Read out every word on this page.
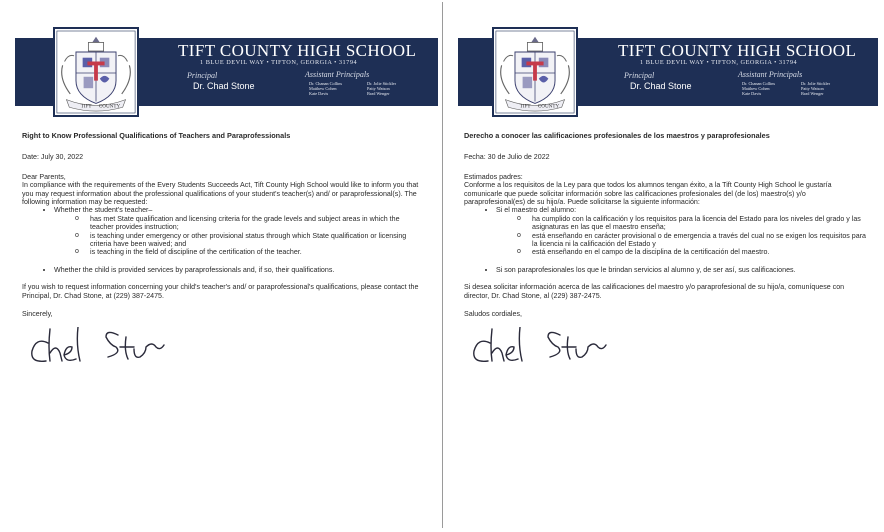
TIFT COUNTY HIGH SCHOOL
1 BLUE DEVIL WAY • TIFTON, GEORGIA • 31794
Principal
Dr. Chad Stone
Assistant Principals
Dr. Chanan Collins
Matthew Cohen
Kate Davis
Dr. Jolie Stickler
Patty Watson
Brad Wenger
TIFT COUNTY
Right to Know Professional Qualifications of Teachers and Paraprofessionals
Date: July 30, 2022

Dear Parents,

In compliance with the requirements of the Every Students Succeeds Act, Tift County High School would like to inform you that you may request information about the professional qualifications of your student's teacher(s) and/ or paraprofessional(s). The following information may be requested:

• Whether the student's teacher–
o has met State qualification and licensing criteria for the grade levels and subject areas in which the teacher provides instruction;
o is teaching under emergency or other provisional status through which State qualification or licensing criteria have been waived; and
o is teaching in the field of discipline of the certification of the teacher.
• Whether the child is provided services by paraprofessionals and, if so, their qualifications.

If you wish to request information concerning your child's teacher's and/ or paraprofessional's qualifications, please contact the Principal, Dr. Chad Stone, at (229) 387-2475.

Sincerely,

TIFT COUNTY HIGH SCHOOL
1 BLUE DEVIL WAY • TIFTON, GEORGIA • 31794
Principal
Dr. Chad Stone
Assistant Principals
Dr. Chanan Collins
Matthew Cohen
Kate Davis
Dr. Jolie Stickler
Patty Watson
Brad Wenger
TIFT COUNTY
Derecho a conocer las calificaciones profesionales de los maestros y paraprofesionales
Fecha: 30 de Julio de 2022

Estimados padres:

Conforme a los requisitos de la Ley para que todos los alumnos tengan éxito, a la Tift County High School le gustaría comunicarle que puede solicitar información sobre las calificaciones profesionales del (de los) maestro(s) y/o paraprofesional(es) de su hijo/a. Puede solicitarse la siguiente información:

• Si el maestro del alumno:
o ha cumplido con la calificación y los requisitos para la licencia del Estado para los niveles del grado y las asignaturas en las que el maestro enseña;
o está enseñando en carácter provisional o de emergencia a través del cual no se exigen los requisitos para la licencia ni la calificación del Estado y
o está enseñando en el campo de la disciplina de la certificación del maestro.
• Si son paraprofesionales los que le brindan servicios al alumno y, de ser así, sus calificaciones.

Si desea solicitar información acerca de las calificaciones del maestro y/o paraprofesional de su hijo/a, comuníquese con director, Dr. Chad Stone, al (229) 387-2475.

Saludos cordiales,
